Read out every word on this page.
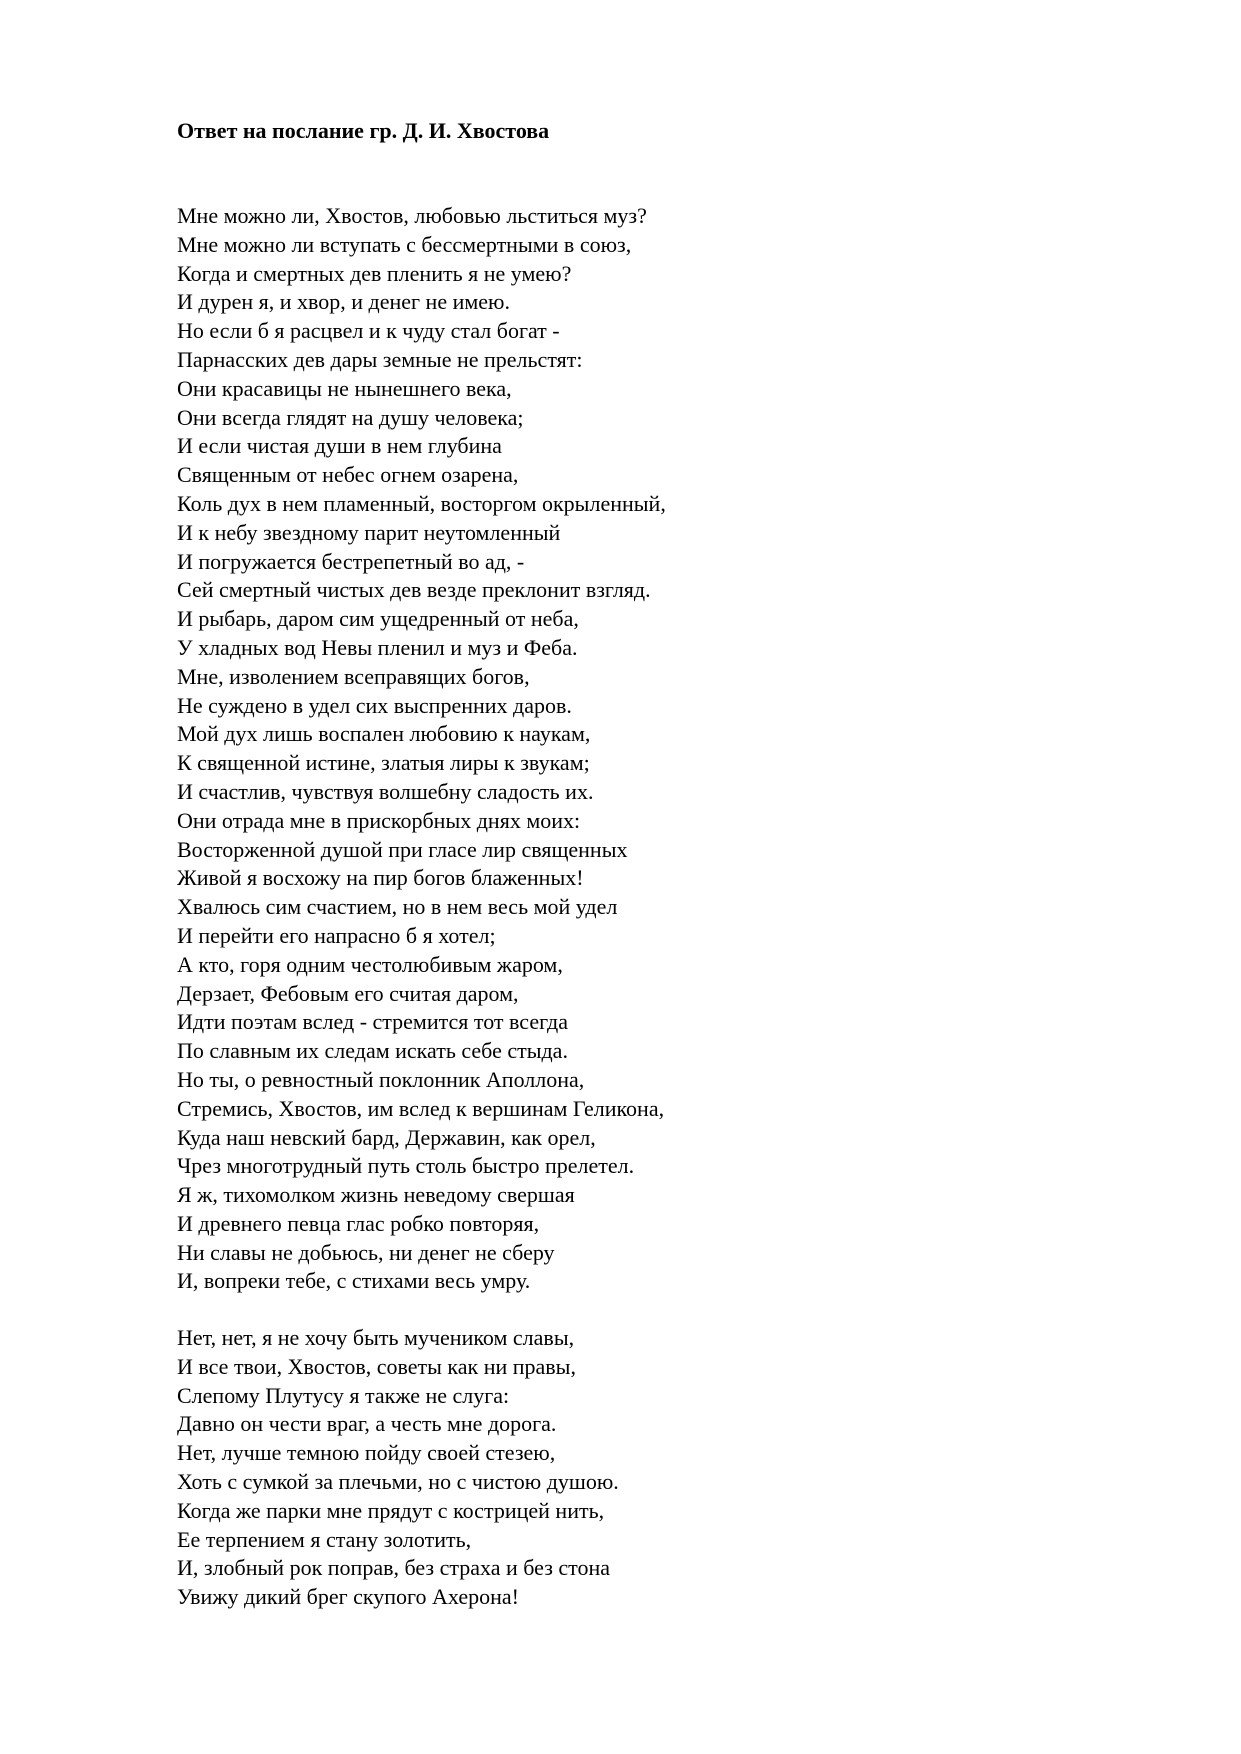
Ответ на послание гр. Д. И. Хвостова
Мне можно ли, Хвостов, любовью льститься муз?
Мне можно ли вступать с бессмертными в союз,
Когда и смертных дев пленить я не умею?
И дурен я, и хвор, и денег не имею.
Но если б я расцвел и к чуду стал богат -
Парнасских дев дары земные не прельстят:
Они красавицы не нынешнего века,
Они всегда глядят на душу человека;
И если чистая души в нем глубина
Священным от небес огнем озарена,
Коль дух в нем пламенный, восторгом окрыленный,
И к небу звездному парит неутомленный
И погружается бестрепетный во ад, -
Сей смертный чистых дев везде преклонит взгляд.
И рыбарь, даром сим ущедренный от неба,
У хладных вод Невы пленил и муз и Феба.
Мне, изволением всеправящих богов,
Не суждено в удел сих выспренних даров.
Мой дух лишь воспален любовию к наукам,
К священной истине, златыя лиры к звукам;
И счастлив, чувствуя волшебну сладость их.
Они отрада мне в прискорбных днях моих:
Восторженной душой при гласе лир священных
Живой я восхожу на пир богов блаженных!
Хвалюсь сим счастием, но в нем весь мой удел
И перейти его напрасно б я хотел;
А кто, горя одним честолюбивым жаром,
Дерзает, Фебовым его считая даром,
Идти поэтам вслед - стремится тот всегда
По славным их следам искать себе стыда.
Но ты, о ревностный поклонник Аполлона,
Стремись, Хвостов, им вслед к вершинам Геликона,
Куда наш невский бард, Державин, как орел,
Чрез многотрудный путь столь быстро прелетел.
Я ж, тихомолком жизнь неведому свершая
И древнего певца глас робко повторяя,
Ни славы не добьюсь, ни денег не сберу
И, вопреки тебе, с стихами весь умру.
Нет, нет, я не хочу быть мучеником славы,
И все твои, Хвостов, советы как ни правы,
Слепому Плутусу я также не слуга:
Давно он чести враг, а честь мне дорога.
Нет, лучше темною пойду своей стезею,
Хоть с сумкой за плечьми, но с чистою душою.
Когда же парки мне прядут с кострицей нить,
Ее терпением я стану золотить,
И, злобный рок поправ, без страха и без стона
Увижу дикий брег скупого Ахерона!
